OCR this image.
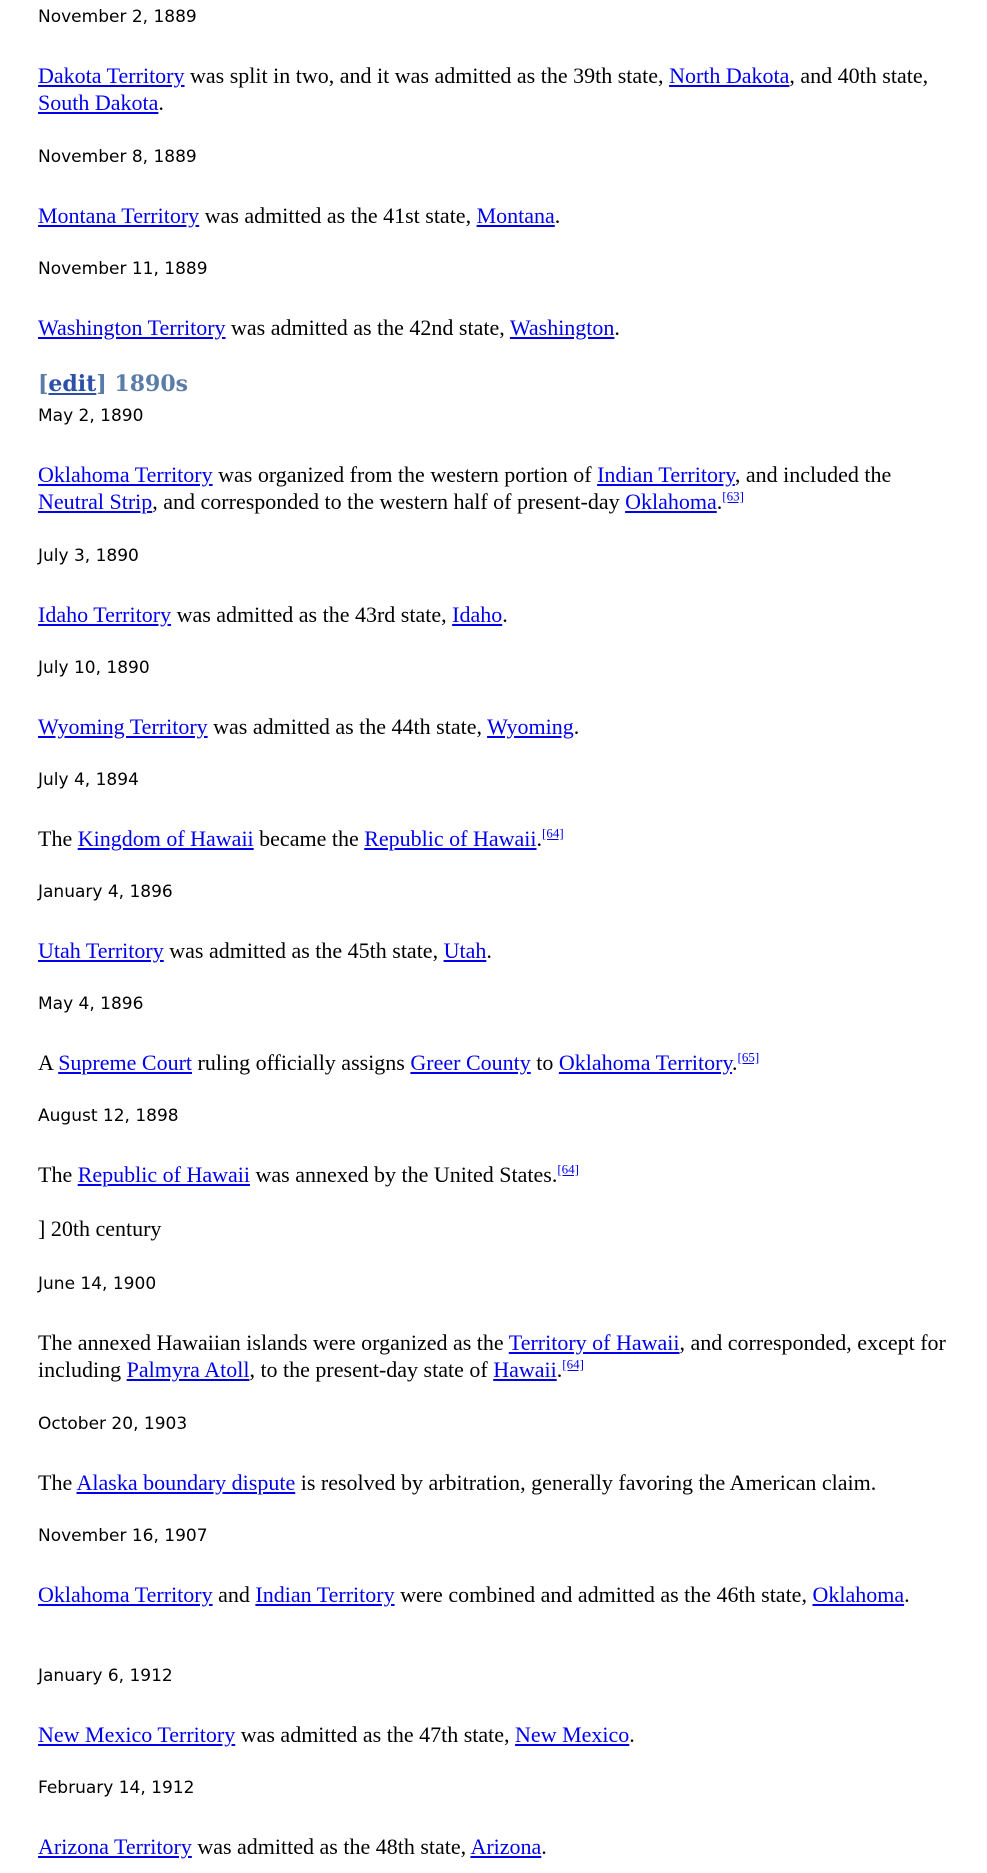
November 2, 1889

Dakota Territory was split in two, and it was admitted as the 39th state, North Dakota, and 40th state, South Dakota.

November 8, 1889

Montana Territory was admitted as the 41st state, Montana.

November 11, 1889

Washington Territory was admitted as the 42nd state, Washington.

[edit] 1890s

May 2, 1890

Oklahoma Territory was organized from the western portion of Indian Territory, and included the Neutral Strip, and corresponded to the western half of present-day Oklahoma.[63]

July 3, 1890

Idaho Territory was admitted as the 43rd state, Idaho.

July 10, 1890

Wyoming Territory was admitted as the 44th state, Wyoming.

July 4, 1894

The Kingdom of Hawaii became the Republic of Hawaii.[64]

January 4, 1896

Utah Territory was admitted as the 45th state, Utah.

May 4, 1896

A Supreme Court ruling officially assigns Greer County to Oklahoma Territory.[65]

August 12, 1898

The Republic of Hawaii was annexed by the United States.[64]

] 20th century

June 14, 1900

The annexed Hawaiian islands were organized as the Territory of Hawaii, and corresponded, except for including Palmyra Atoll, to the present-day state of Hawaii.[64]

October 20, 1903

The Alaska boundary dispute is resolved by arbitration, generally favoring the American claim.

November 16, 1907

Oklahoma Territory and Indian Territory were combined and admitted as the 46th state, Oklahoma.

January 6, 1912

New Mexico Territory was admitted as the 47th state, New Mexico.

February 14, 1912

Arizona Territory was admitted as the 48th state, Arizona.
